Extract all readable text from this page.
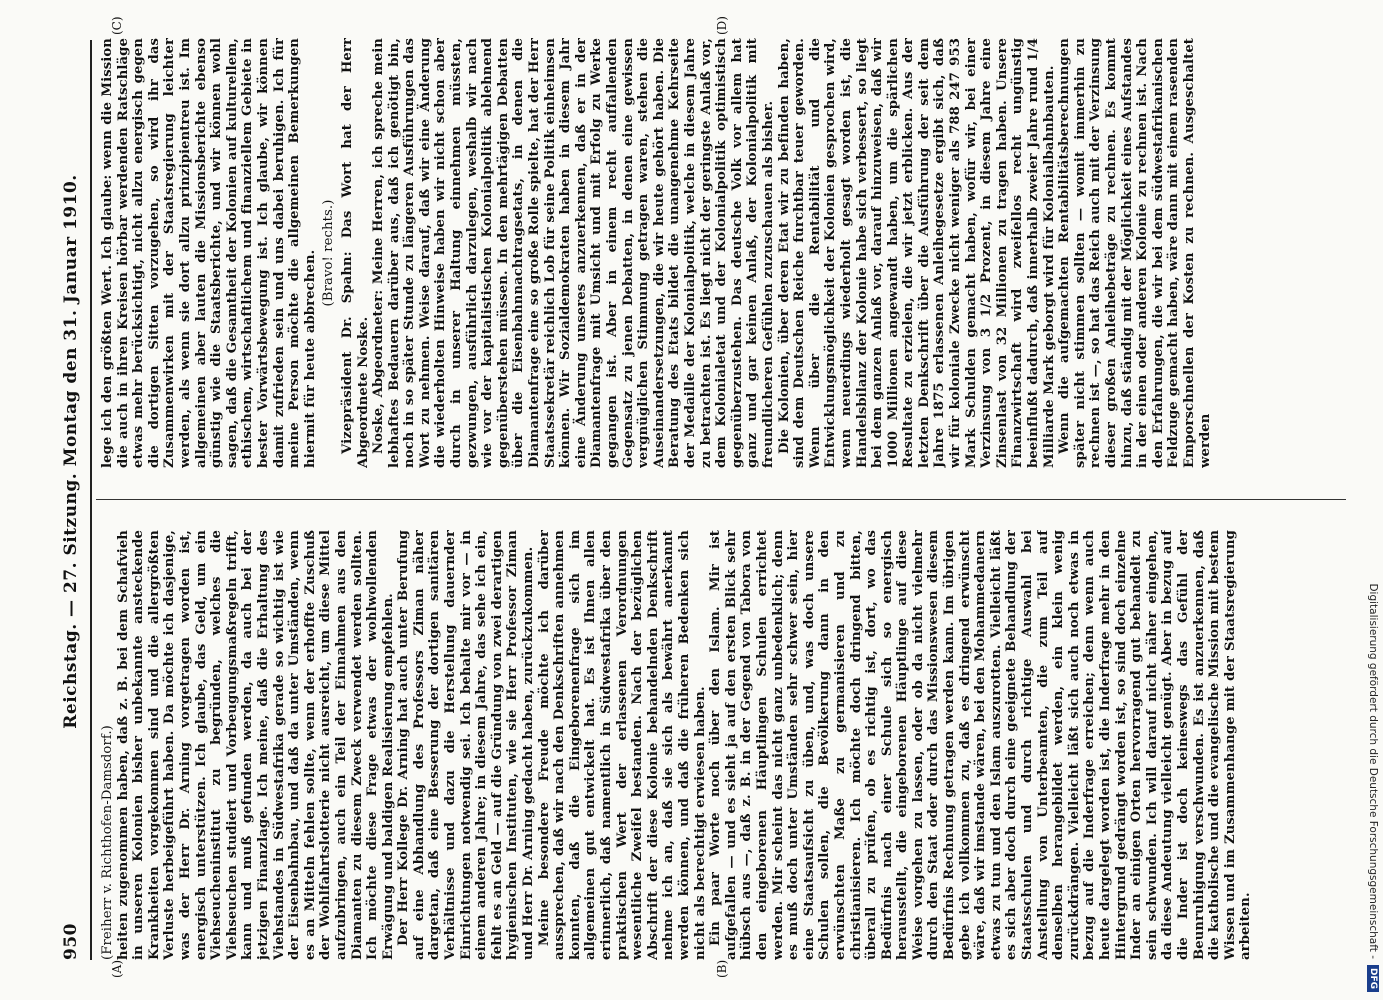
950
Reichstag. — 27. Sitzung. Montag den 31. Januar 1910.
(A)	(B)
(C)	(D)

(Freiherr v. Richthofen-Damsdorf.) heiten zugenommen haben, daß z. B. bei dem Schafvieh in unseren Kolonien bisher unbekannte ansteckende Krankheiten vorgekommen sind und die allergrößten Verluste herbeigeführt haben. Da möchte ich dasjenige, was der Herr Dr. Arning vorgetragen worden ist, energisch unterstützen. Ich glaube, das Geld, um ein Viehseucheninstitut zu begründen, welches die Viehseuchen studiert und Vorbeugungsmaßregeln trifft, kann und muß gefunden werden, da auch bei der jetzigen Finanzlage. Ich meine, daß die Erhaltung des Viehstandes in Südwestafrika gerade so wichtig ist wie der Eisenbahnbau, und daß da unter Umständen, wenn es an Mitteln fehlen sollte, wenn der erhoffte Zuschuß der Wohlfahrtslotterie nicht ausreicht, um diese Mittel aufzubringen, auch ein Teil der Einnahmen aus den Diamanten zu diesem Zweck verwendet werden sollten. Ich möchte diese Frage etwas der wohlwollenden Erwägung und baldigen Realisierung empfehlen. Der Herr Kollege Dr. Arning hat auch unter Berufung auf eine Abhandlung des Professors Ziman näher dargetan, daß eine Besserung der dortigen sanitären Verhältnisse und dazu die Herstellung dauernder Einrichtungen notwendig sei. Ich behalte mir vor — in einem anderen Jahre; in diesem Jahre, das sehe ich ein, fehlt es an Geld — auf die Gründung von zwei derartigen hygienischen Instituten, wie sie Herr Professor Ziman und Herr Dr. Arning gedacht haben, zurückzukommen. Meine besondere Freude möchte ich darüber aussprechen, daß wir nach den Denkschriften annehmen konnten, daß die Eingeborenenfrage sich im allgemeinen gut entwickelt hat. Es ist Ihnen allen erinnerlich, daß namentlich in Südwestafrika über den praktischen Wert der erlassenen Verordnungen wesentliche Zweifel bestanden. Nach der bezüglichen Abschrift der diese Kolonie behandelnden Denkschrift nehme ich an, daß sie sich als bewährt anerkannt werden können, und daß die früheren Bedenken sich nicht als berechtigt erwiesen haben. Ein paar Worte noch über den Islam. Mir ist aufgefallen — und es sieht ja auf den ersten Blick sehr hübsch aus —, daß z. B. in der Gegend von Tabora von den eingeborenen Häuptlingen Schulen errichtet werden. Mir scheint das nicht ganz unbedenklich; denn es muß doch unter Umständen sehr schwer sein, hier eine Staatsaufsicht zu üben, und, was doch unsere Schulen sollen, die Bevölkerung dann in den erwünschten Maße zu germanisieren und zu christianisieren. Ich möchte doch dringend bitten, überall zu prüfen, ob es richtig ist, dort, wo das Bedürfnis nach einer Schule sich so energisch herausstellt, die eingeborenen Häuptlinge auf diese Weise vorgehen zu lassen, oder ob da nicht vielmehr durch den Staat oder durch das Missionswesen diesem Bedürfnis Rechnung getragen werden kann. Im übrigen gebe ich vollkommen zu, daß es dringend erwünscht wäre, daß wir imstande wären, bei den Mohammedanern etwas zu tun und den Islam auszurotten. Vielleicht läßt es sich aber doch durch eine geeignete Behandlung der Staatsschulen und durch richtige Auswahl bei Anstellung von Unterbeamten, die zum Teil auf denselben herangebildet werden, ein klein wenig zurückdrängen. Vielleicht läßt sich auch noch etwas in bezug auf die Inderfrage erreichen; denn wenn auch heute dargelegt worden ist, die Inderfrage mehr in den Hintergrund gedrängt worden ist, so sind doch einzelne Inder an einigen Orten hervorragend gut behandelt zu sein schwunden. Ich will darauf nicht näher eingehen, da diese Andeutung vielleicht genügt. Aber in bezug auf die Inder ist doch keineswegs das Gefühl der Beunruhigung verschwunden. Es ist anzuerkennen, daß die katholische und die evangelische Mission mit bestem Wissen und im Zusammenhange mit der Staatsregierung arbeiten.

lege ich den größten Wert. Ich glaube: wenn die Mission die auch in ihren Kreisen hörbar werdenden Ratschläge etwas mehr berücksichtigt, nicht allzu energisch gegen die dortigen Sitten vorzugehen, so wird ihr das Zusammenwirken mit der Staatsregierung leichter werden, als wenn sie dort allzu prinzipientreu ist. Im allgemeinen aber lauten die Missionsberichte ebenso günstig wie die Staatsberichte, und wir können wohl sagen, daß die Gesamtheit der Kolonien auf kulturellem, ethischem, wirtschaftlichem und finanziellem Gebiete in bester Vorwärtsbewegung ist. Ich glaube, wir können damit zufrieden sein und uns dabei beruhigen. Ich für meine Person möchte die allgemeinen Bemerkungen hiermit für heute abbrechen. (Bravo! rechts.) Vizepräsident Dr. Spahn: Das Wort hat der Herr Abgeordnete Noske. Noske, Abgeordneter: Meine Herren, ich spreche mein lebhaftes Bedauern darüber aus, daß ich genötigt bin, noch in so später Stunde zu längeren Ausführungen das Wort zu nehmen. Weise darauf, daß wir eine Änderung die wiederholten Hinweise haben wir nicht schon aber durch in unserer Haltung einnehmen müssten, gezwungen, ausführlich darzulegen, weshalb wir nach wie vor der kapitalistischen Kolonialpolitik ablehnend gegenüberstehen müssen. In den mehrtägigen Debatten über die Eisenbahnnachtragsetats, in denen die Diamantenfrage eine so große Rolle spielte, hat der Herr Staatssekretär reichlich Lob für seine Politik einheimsen können. Wir Sozialdemokraten haben in diesem Jahr eine Änderung unseres anzuerkennen, daß er in der Diamantenfrage mit Umsicht und mit Erfolg zu Werke gegangen ist. Aber in einem recht auffallenden Gegensatz zu jenen Debatten, in denen eine gewissen vergnüglichen Stimmung getragen waren, stehen die Auseinandersetzungen, die wir heute gehört haben. Die Beratung des Etats bildet die unangenehme Kehrseite der Medaille der Kolonialpolitik, welche in diesem Jahre zu betrachten ist. Es liegt nicht der geringste Anlaß vor, dem Kolonialetat und der Kolonialpolitik optimistisch gegenüberzustehen. Das deutsche Volk vor allem hat ganz und gar keinen Anlaß, der Kolonialpolitik mit freundlicheren Gefühlen zuzuschauen als bisher. Die Kolonien, über deren Etat wir zu befinden haben, sind dem Deutschen Reiche furchtbar teuer geworden. Wenn über die Rentabilität und die Entwicklungsmöglichkeit der Kolonien gesprochen wird, wenn neuerdings wiederholt gesagt worden ist, die Handelsbilanz der Kolonie habe sich verbessert, so liegt bei dem ganzen Anlaß vor, darauf hinzuweisen, daß wir 1000 Millionen angewandt haben, um die spärlichen Resultate zu erzielen, die wir jetzt erblicken. Aus der letzten Denkschrift über die Ausführung der seit dem Jahre 1875 erlassenen Anleihegesetze ergibt sich, daß wir für koloniale Zwecke nicht weniger als 788 247 953 Mark Schulden gemacht haben, wofür wir, bei einer Verzinsung von 3 1/2 Prozent, in diesem Jahre eine Zinsenlast von 32 Millionen zu tragen haben. Unsere Finanzwirtschaft wird zweifellos recht ungünstig beeinflußt dadurch, daß innerhalb zweier Jahre rund 1/4 Milliarde Mark geborgt wird für Kolonialbahnbauten. Wenn die aufgemachten Rentabilitätsberechnungen später nicht stimmen sollten — womit immerhin zu rechnen ist —, so hat das Reich auch mit der Verzinsung dieser großen Anleihebeträge zu rechnen. Es kommt hinzu, daß ständig mit der Möglichkeit eines Aufstandes in der einen oder anderen Kolonie zu rechnen ist. Nach den Erfahrungen, die wir bei dem südwestafrikanischen Feldzuge gemacht haben, wäre dann mit einem rasenden Emporschnellen der Kosten zu rechnen. Ausgeschaltet werden

Digitalisierung gefördert durch die Deutsche Forschungsgemeinschaft -
DFG
